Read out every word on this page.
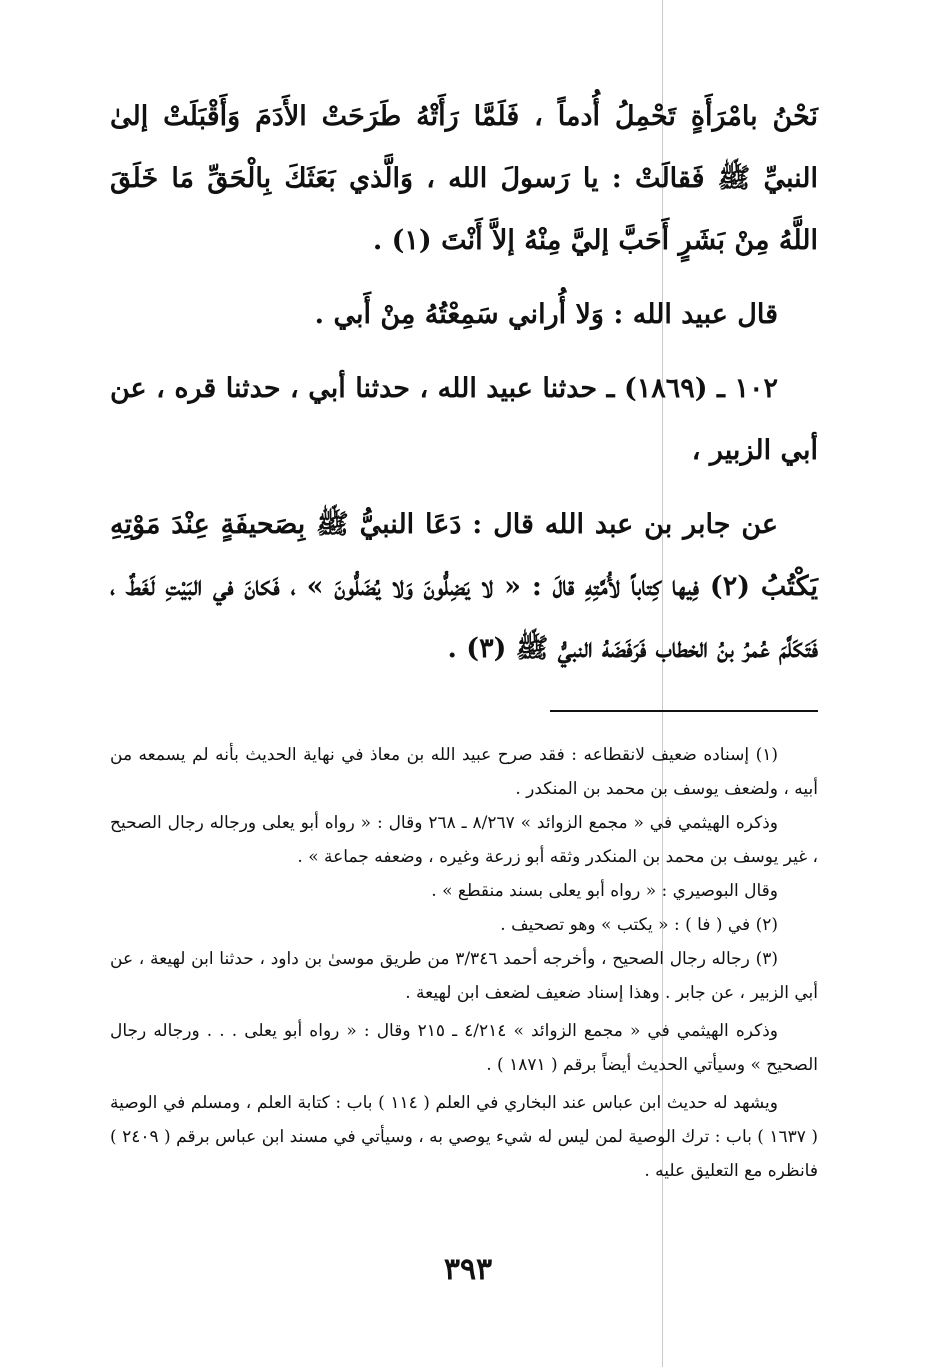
نَحْنُ بامْرَأَةٍ تَحْمِلُ أُدماً ، فَلَمَّا رَأَتْهُ طَرَحَتْ الأَدَمَ وَأَقْبَلَتْ إلىٰ النبيِّ ﷺ فَقالَتْ : يا رَسولَ الله ، وَالَّذي بَعَثَكَ بِالْحَقِّ مَا خَلَقَ اللَّهُ مِنْ بَشَرٍ أَحَبَّ إليَّ مِنْهُ إلاَّ أَنْتَ (١) .

قال عبيد الله : وَلا أُراني سَمِعْتُهُ مِنْ أَبي .

١٠٢ ـ (١٨٦٩) ـ حدثنا عبيد الله ، حدثنا أبي ، حدثنا قره ، عن أبي الزبير ،

عن جابر بن عبد الله قال : دَعَا النبيُّ ﷺ بِصَحيفَةٍ عِنْدَ مَوْتِهِ يَكْتُبُ (٢) فِيها كِتاباً لأُمَّتِهِ قالَ : « لا يَضِلُّونَ وَلا يُضَلُّونَ » ، فَكانَ في البَيْتِ لَغَطٌ ، فَتَكَلَّمَ عُمرُ بنُ الخطاب فَرَفَضَهُ النبيُّ ﷺ (٣) .

(١) إسناده ضعيف لانقطاعه : فقد صرح عبيد الله بن معاذ في نهاية الحديث بأنه لم يسمعه من أبيه ، ولضعف يوسف بن محمد بن المنكدر .

وذكره الهيثمي في « مجمع الزوائد » ٨/٢٦٧ ـ ٢٦٨ وقال : « رواه أبو يعلى ورجاله رجال الصحيح ، غير يوسف بن محمد بن المنكدر وثقه أبو زرعة وغيره ، وضعفه جماعة » .

وقال البوصيري : « رواه أبو يعلى بسند منقطع » .

(٢) في ( فا ) : « يكتب » وهو تصحيف .

(٣) رجاله رجال الصحيح ، وأخرجه أحمد ٣/٣٤٦ من طريق موسىٰ بن داود ، حدثنا ابن لهيعة ، عن أبي الزبير ، عن جابر . وهذا إسناد ضعيف لضعف ابن لهيعة .

وذكره الهيثمي في « مجمع الزوائد » ٤/٢١٤ ـ ٢١٥ وقال : « رواه أبو يعلى . . . ورجاله رجال الصحيح » وسيأتي الحديث أيضاً برقم ( ١٨٧١ ) .

ويشهد له حديث ابن عباس عند البخاري في العلم ( ١١٤ ) باب : كتابة العلم ، ومسلم في الوصية ( ١٦٣٧ ) باب : ترك الوصية لمن ليس له شيء يوصي به ، وسيأتي في مسند ابن عباس برقم ( ٢٤٠٩ ) فانظره مع التعليق عليه .

٣٩٣
